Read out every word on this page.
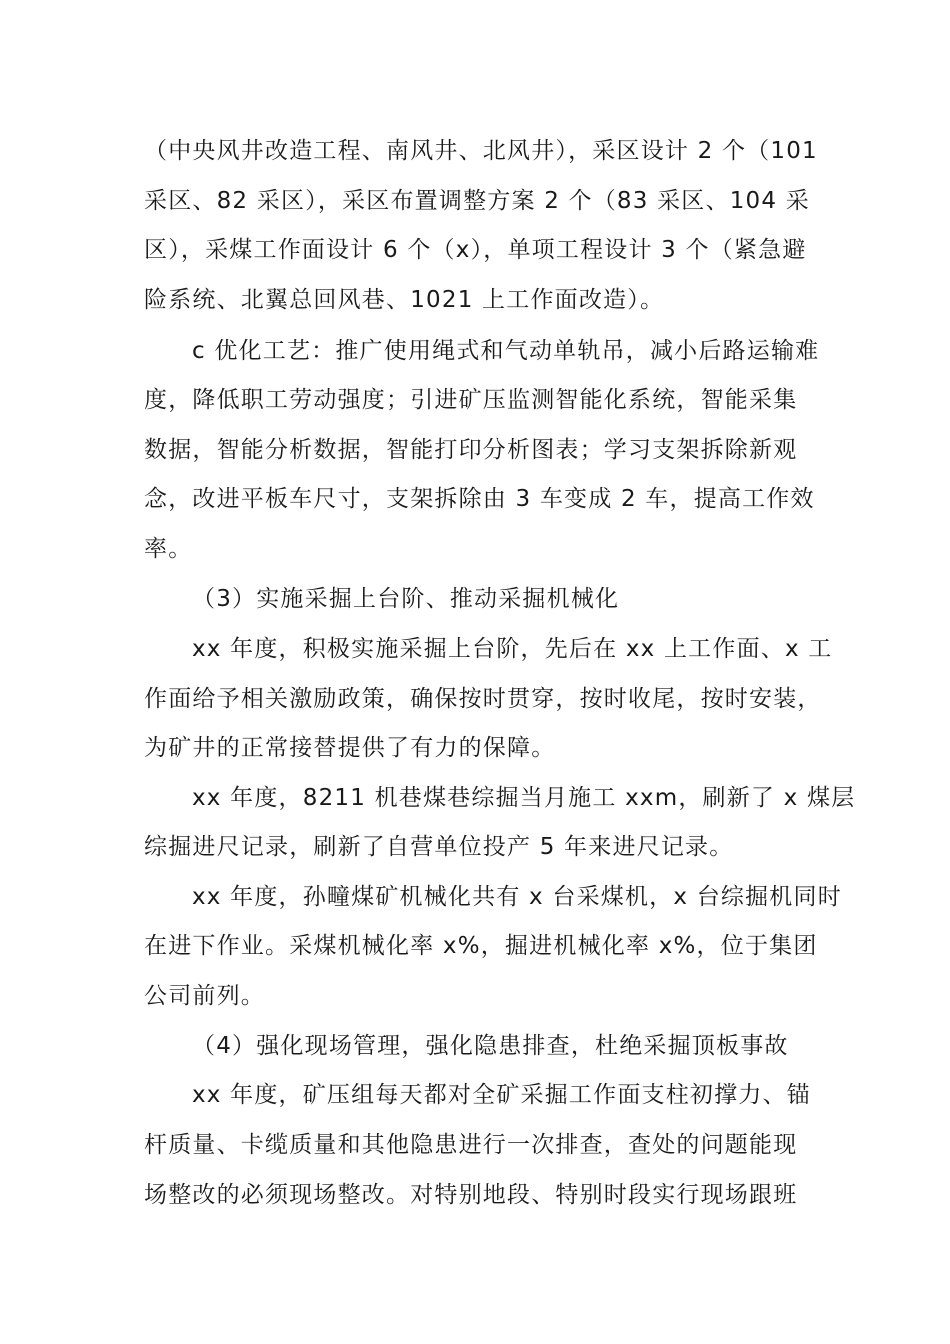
（中央风井改造工程、南风井、北风井），采区设计 2 个（101
采区、82 采区），采区布置调整方案 2 个（83 采区、104 采
区），采煤工作面设计 6 个（x），单项工程设计 3 个（紧急避
险系统、北翼总回风巷、1021 上工作面改造）。
c 优化工艺：推广使用绳式和气动单轨吊，减小后路运输难
度，降低职工劳动强度；引进矿压监测智能化系统，智能采集
数据，智能分析数据，智能打印分析图表；学习支架拆除新观
念，改进平板车尺寸，支架拆除由 3 车变成 2 车，提高工作效
率。
（3）实施采掘上台阶、推动采掘机械化
xx 年度，积极实施采掘上台阶，先后在 xx 上工作面、x 工
作面给予相关激励政策，确保按时贯穿，按时收尾，按时安装，
为矿井的正常接替提供了有力的保障。
xx 年度，8211 机巷煤巷综掘当月施工 xxm，刷新了 x 煤层
综掘进尺记录，刷新了自营单位投产 5 年来进尺记录。
xx 年度，孙疃煤矿机械化共有 x 台采煤机，x 台综掘机同时
在进下作业。采煤机械化率 x%，掘进机械化率 x%，位于集团
公司前列。
（4）强化现场管理，强化隐患排查，杜绝采掘顶板事故
xx 年度，矿压组每天都对全矿采掘工作面支柱初撑力、锚
杆质量、卡缆质量和其他隐患进行一次排查，查处的问题能现
场整改的必须现场整改。对特别地段、特别时段实行现场跟班
